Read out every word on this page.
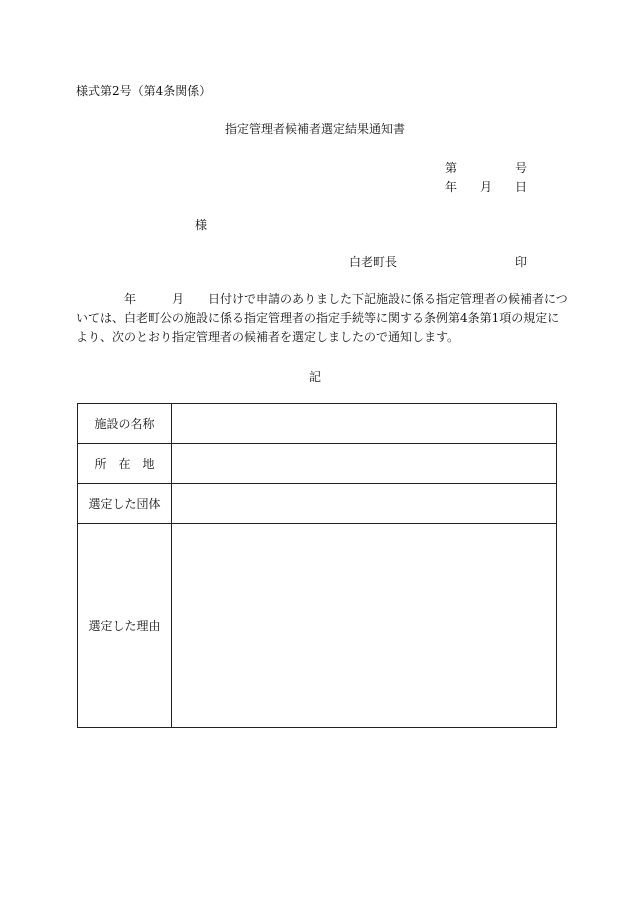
様式第2号（第4条関係）
指定管理者候補者選定結果通知書
第	号
年 月 日
様
白老町長	印
年	月 日付けで申請のありました下記施設に係る指定管理者の候補者につ
いては、白老町公の施設に係る指定管理者の指定手続等に関する条例第4条第1項の規定に
より、次のとおり指定管理者の候補者を選定しましたので通知します。
記
施設の名称	
所　在　地	
選定した団体	
選定した理由	
